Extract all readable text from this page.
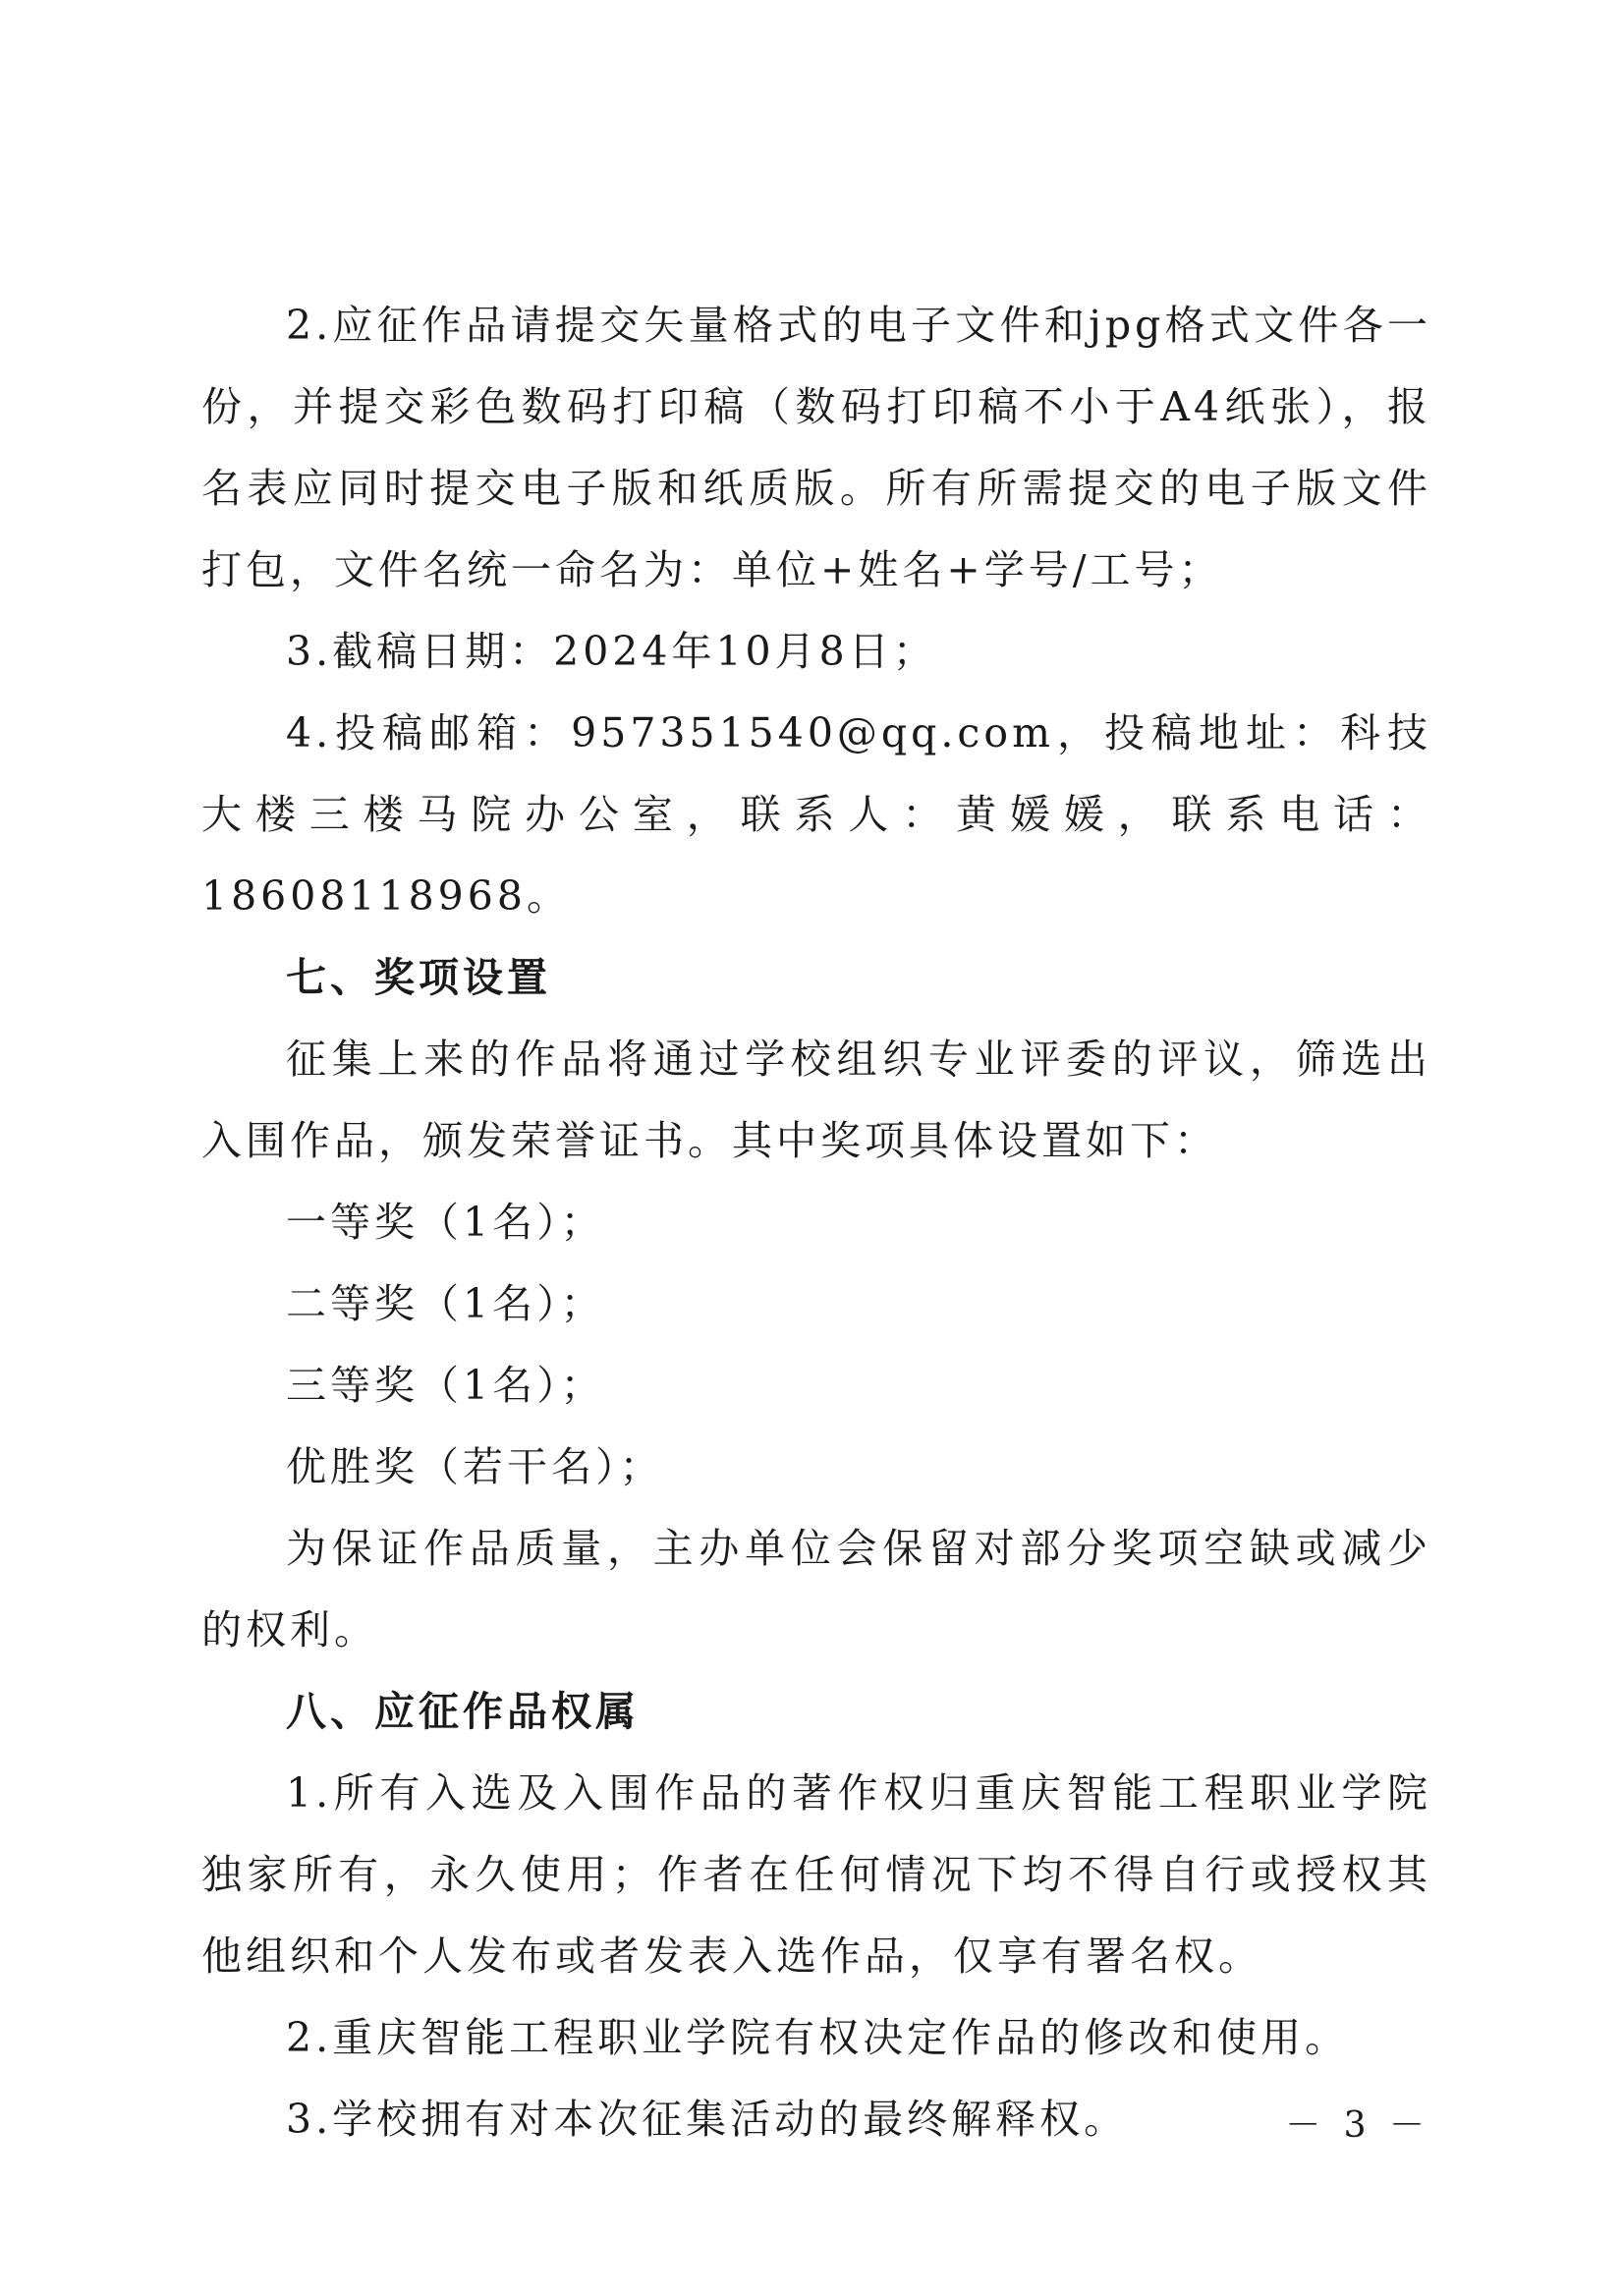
2.应征作品请提交矢量格式的电子文件和jpg格式文件各一份，并提交彩色数码打印稿（数码打印稿不小于A4纸张），报名表应同时提交电子版和纸质版。所有所需提交的电子版文件打包，文件名统一命名为：单位+姓名+学号/工号；

3.截稿日期：2024年10月8日；

4.投稿邮箱：957351540@qq.com，投稿地址：科技大楼三楼马院办公室，联系人：黄媛媛，联系电话：18608118968。

七、奖项设置

征集上来的作品将通过学校组织专业评委的评议，筛选出入围作品，颁发荣誉证书。其中奖项具体设置如下：

一等奖（1名）；

二等奖（1名）；

三等奖（1名）；

优胜奖（若干名）；

为保证作品质量，主办单位会保留对部分奖项空缺或减少的权利。

八、应征作品权属

1.所有入选及入围作品的著作权归重庆智能工程职业学院独家所有，永久使用；作者在任何情况下均不得自行或授权其他组织和个人发布或者发表入选作品，仅享有署名权。

2.重庆智能工程职业学院有权决定作品的修改和使用。

3.学校拥有对本次征集活动的最终解释权。	－ 3 －
